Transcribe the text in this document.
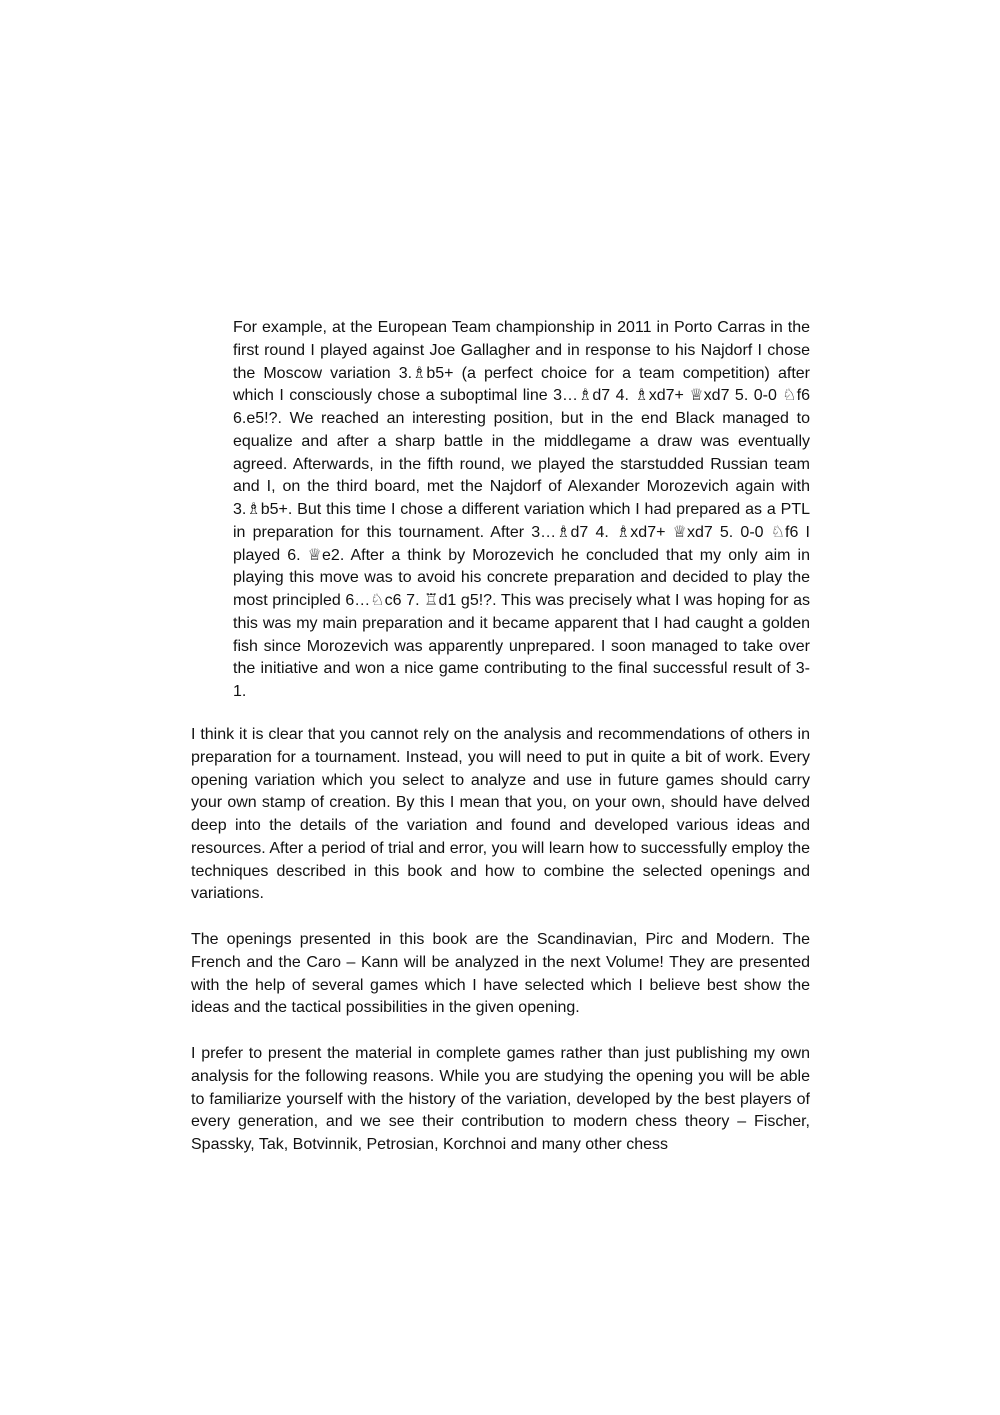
For example, at the European Team championship in 2011 in Porto Carras in the first round I played against Joe Gallagher and in response to his Najdorf I chose the Moscow variation 3.♗b5+ (a perfect choice for a team competition) after which I consciously chose a suboptimal line 3…♗d7 4. ♗xd7+ ♕xd7 5. 0-0 ♘f6 6.e5!?. We reached an interesting position, but in the end Black managed to equalize and after a sharp battle in the middlegame a draw was eventually agreed. Afterwards, in the fifth round, we played the starstudded Russian team and I, on the third board, met the Najdorf of Alexander Morozevich again with 3.♗b5+. But this time I chose a different variation which I had prepared as a PTL in preparation for this tournament. After 3…♗d7 4. ♗xd7+ ♕xd7 5. 0-0 ♘f6 I played 6. ♕e2. After a think by Morozevich he concluded that my only aim in playing this move was to avoid his concrete preparation and decided to play the most principled 6…♘c6 7. ♖d1 g5!?. This was precisely what I was hoping for as this was my main preparation and it became apparent that I had caught a golden fish since Morozevich was apparently unprepared. I soon managed to take over the initiative and won a nice game contributing to the final successful result of 3-1.

I think it is clear that you cannot rely on the analysis and recommendations of others in preparation for a tournament. Instead, you will need to put in quite a bit of work. Every opening variation which you select to analyze and use in future games should carry your own stamp of creation. By this I mean that you, on your own, should have delved deep into the details of the variation and found and developed various ideas and resources. After a period of trial and error, you will learn how to successfully employ the techniques described in this book and how to combine the selected openings and variations.

The openings presented in this book are the Scandinavian, Pirc and Modern. The French and the Caro – Kann will be analyzed in the next Volume! They are presented with the help of several games which I have selected which I believe best show the ideas and the tactical possibilities in the given opening.

I prefer to present the material in complete games rather than just publishing my own analysis for the following reasons. While you are studying the opening you will be able to familiarize yourself with the history of the variation, developed by the best players of every generation, and we see their contribution to modern chess theory – Fischer, Spassky, Tak, Botvinnik, Petrosian, Korchnoi and many other chess
